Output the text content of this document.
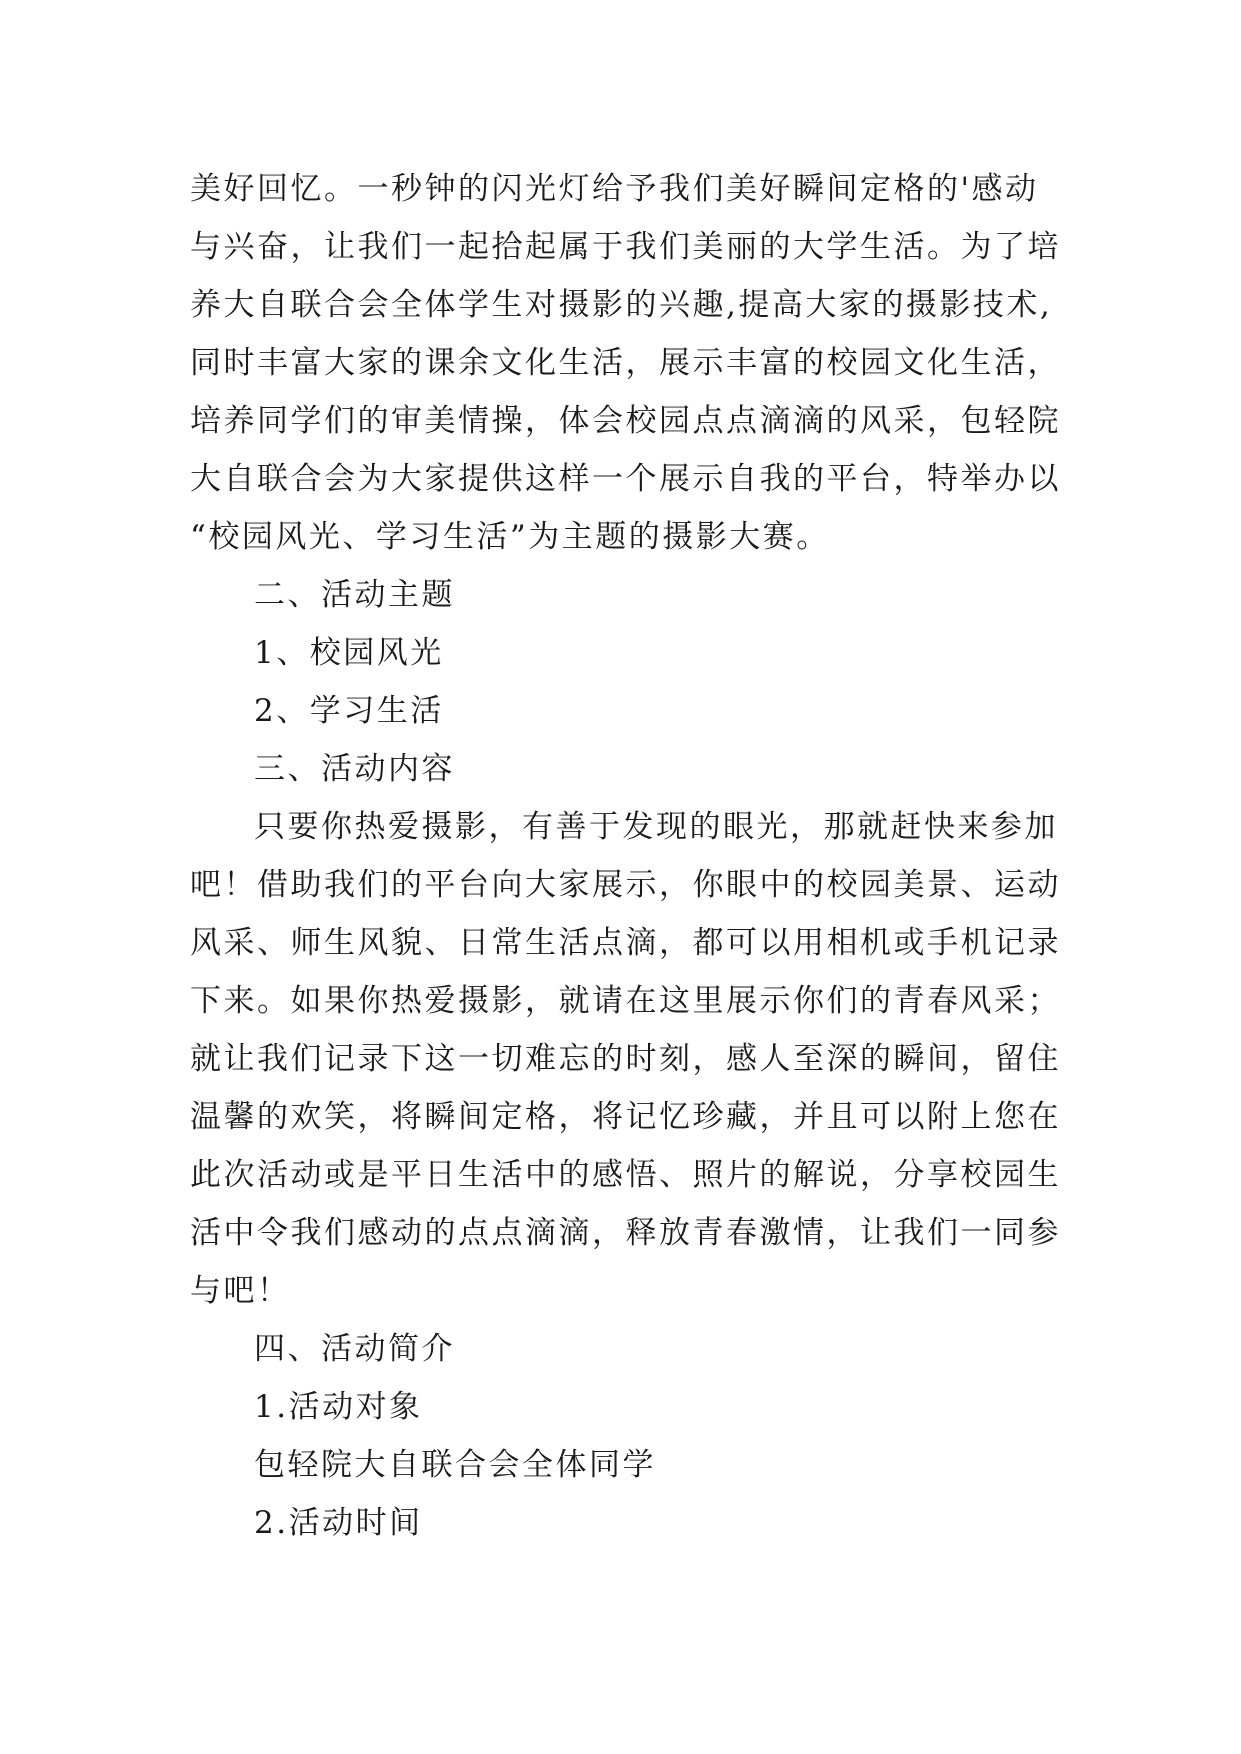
美好回忆。一秒钟的闪光灯给予我们美好瞬间定格的'感动
与兴奋，让我们一起拾起属于我们美丽的大学生活。为了培
养大自联合会全体学生对摄影的兴趣,提高大家的摄影技术,
同时丰富大家的课余文化生活，展示丰富的校园文化生活，
培养同学们的审美情操，体会校园点点滴滴的风采，包轻院
大自联合会为大家提供这样一个展示自我的平台，特举办以
“校园风光、学习生活”为主题的摄影大赛。
二、活动主题
1、校园风光
2、学习生活
三、活动内容
只要你热爱摄影，有善于发现的眼光，那就赶快来参加
吧！借助我们的平台向大家展示，你眼中的校园美景、运动
风采、师生风貌、日常生活点滴，都可以用相机或手机记录
下来。如果你热爱摄影，就请在这里展示你们的青春风采；
就让我们记录下这一切难忘的时刻，感人至深的瞬间，留住
温馨的欢笑，将瞬间定格，将记忆珍藏，并且可以附上您在
此次活动或是平日生活中的感悟、照片的解说，分享校园生
活中令我们感动的点点滴滴，释放青春激情，让我们一同参
与吧！
四、活动简介
1.活动对象
包轻院大自联合会全体同学
2.活动时间
